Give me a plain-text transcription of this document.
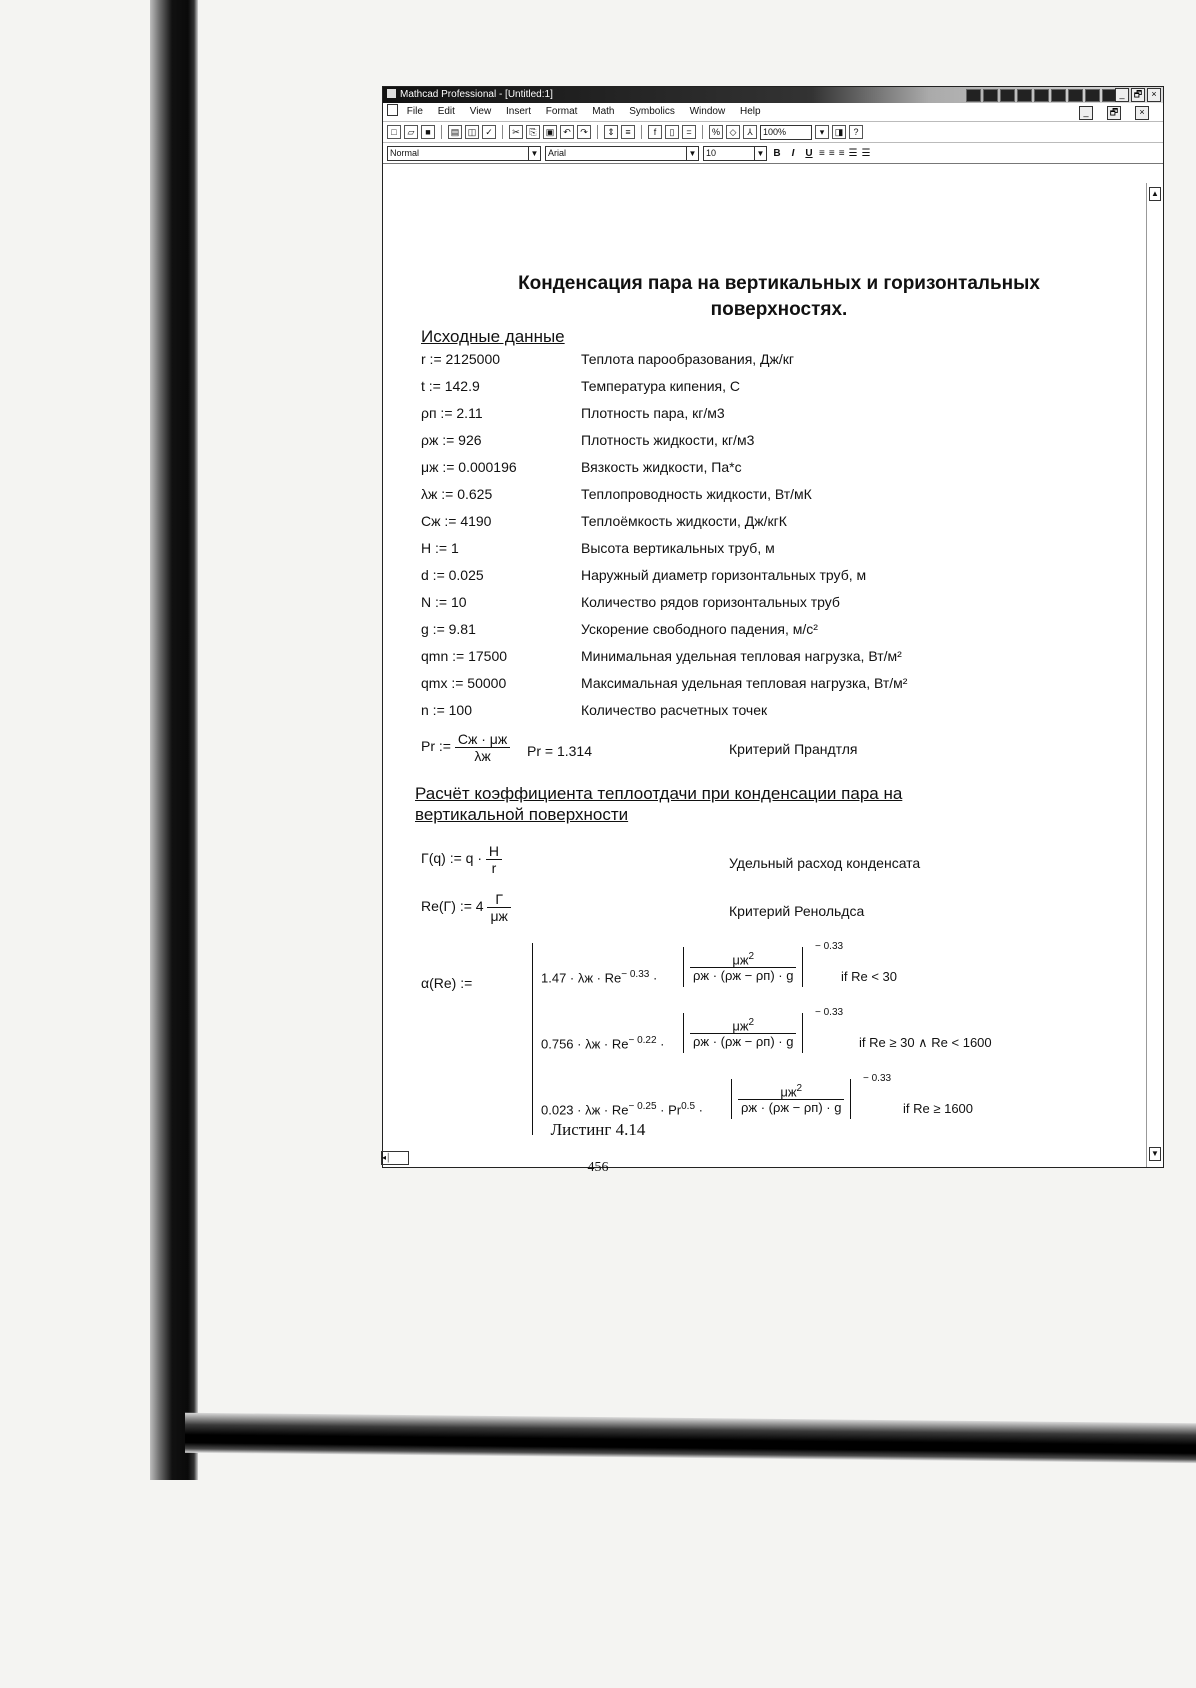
Mathcad Professional - [Untitled:1]	_	🗗	×
File Edit View Insert Format Math Symbolics Window Help	_	🗗	×
□	▱	■	▤ ◫ ✓	✂	⎘	▣ ↶	↷	⇕	≡	f	▯	=	%	◇	⅄	100%	▾	◨	?
Normal	▼	Arial	▼	10	▼ B	I	U ≡ ≡ ≡ ☰ ☰
▲
▼
◂│
Конденсация пара на вертикальных и горизонтальных
поверхностях.
Исходные данные
r := 2125000	Теплота парообразования, Дж/кг
t := 142.9	Температура кипения, С
ρп := 2.11	Плотность пара, кг/м3
ρж := 926	Плотность жидкости, кг/м3
μж := 0.000196	Вязкость жидкости, Па*с
λж := 0.625	Теплопроводность жидкости, Вт/мК
Cж := 4190	Теплоёмкость жидкости, Дж/кгК
H := 1	Высота вертикальных труб, м
d := 0.025	Наружный диаметр горизонтальных труб, м
N := 10	Количество рядов горизонтальных труб
g := 9.81	Ускорение свободного падения, м/с²
qmn := 17500	Минимальная удельная тепловая нагрузка, Вт/м²
qmx := 50000	Максимальная удельная тепловая нагрузка, Вт/м²
n := 100	Количество расчетных точек
Pr := $\frac{Cж \cdot \mu ж}{\lambda ж}$ Pr = 1.314	Критерий Прандтля
Расчёт коэффициента теплоотдачи при конденсации пара на
вертикальной поверхности
Γ(q) := $q \cdot \frac{H}{r}$	Удельный расход конденсата
Re(Γ) := $4 \frac{\Gamma}{\mu ж}$	Критерий Ренольдса
α(Re) :=	$1.47 \cdot \lambda ж \cdot Re^{- 0.33}$ ·	$\frac{\mu ж^2}{\rho ж \cdot (\rho ж - \rho п) \cdot g}$
− 0.33
if Re < 30
$0.756 \cdot \lambda ж \cdot Re^{- 0.22} \cdot \frac{\mu ж^2}{\rho ж \cdot (\rho ж - \rho п) \cdot g}$
− 0.33
if Re ≥ 30 ∧ Re < 1600
$0.023 \cdot \lambda ж \cdot Re^{- 0.25} \cdot Pr^{0.5}$ ·	$\frac{\mu ж^2}{\rho ж \cdot (\rho ж - \rho п) \cdot g}$
− 0.33
if Re ≥ 1600
Листинг 4.14
456
